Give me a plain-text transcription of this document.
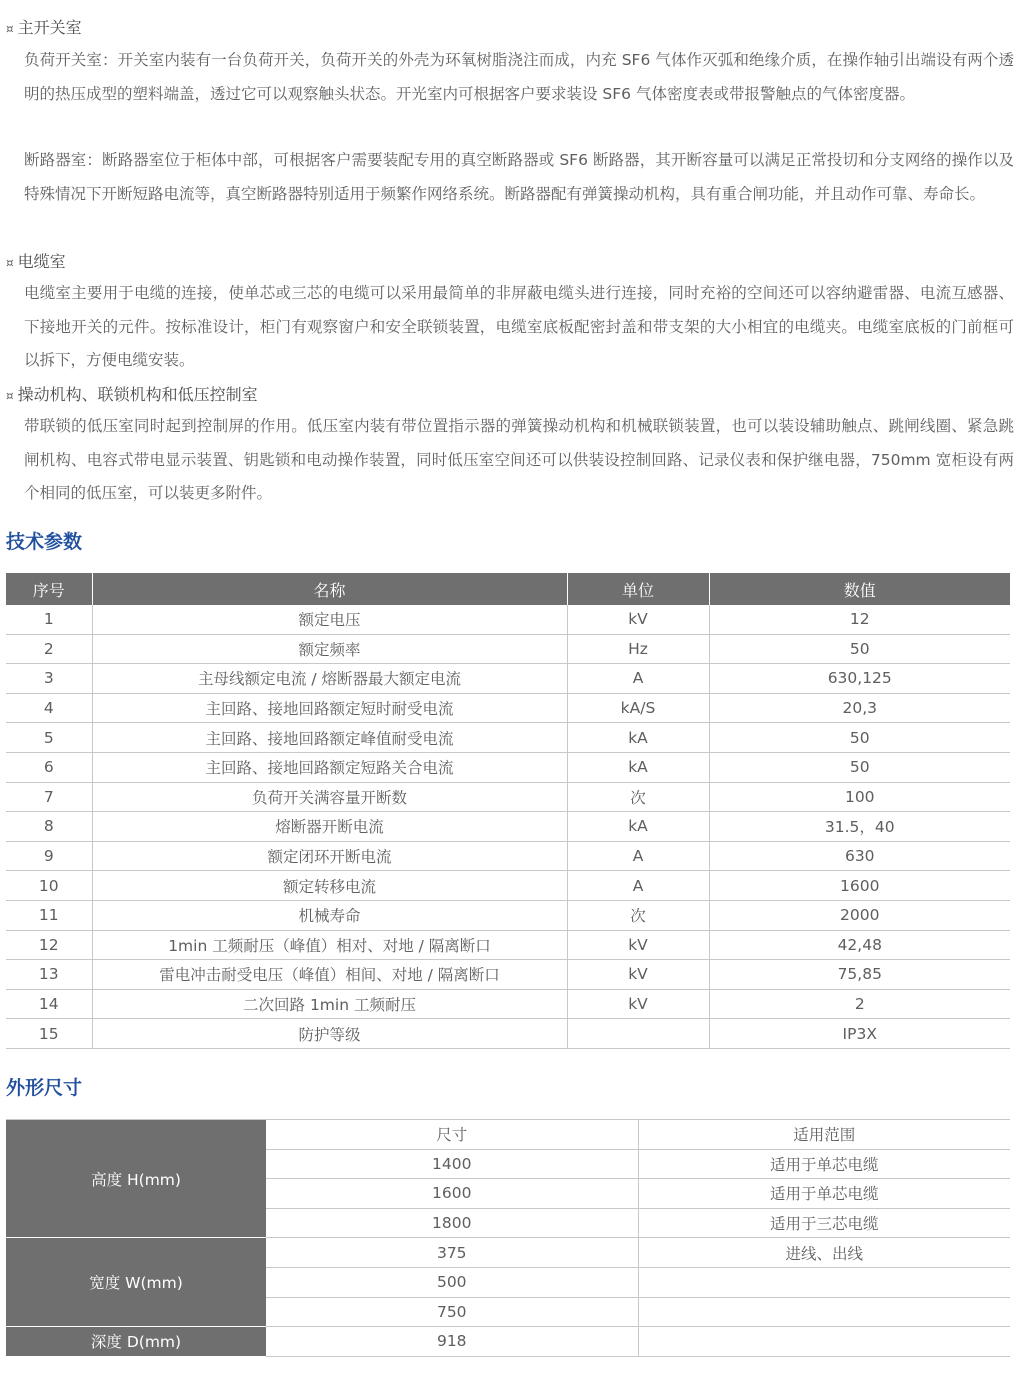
¤ 主开关室
负荷开关室：开关室内装有一台负荷开关，负荷开关的外壳为环氧树脂浇注而成，内充 SF6 气体作灭弧和绝缘介质，在操作轴引出端设有两个透明的热压成型的塑料端盖，透过它可以观察触头状态。开光室内可根据客户要求装设 SF6 气体密度表或带报警触点的气体密度器。
断路器室：断路器室位于柜体中部，可根据客户需要装配专用的真空断路器或 SF6 断路器，其开断容量可以满足正常投切和分支网络的操作以及特殊情况下开断短路电流等，真空断路器特别适用于频繁作网络系统。断路器配有弹簧操动机构，具有重合闸功能，并且动作可靠、寿命长。
¤ 电缆室
电缆室主要用于电缆的连接，使单芯或三芯的电缆可以采用最简单的非屏蔽电缆头进行连接，同时充裕的空间还可以容纳避雷器、电流互感器、下接地开关的元件。按标准设计，柜门有观察窗户和安全联锁装置，电缆室底板配密封盖和带支架的大小相宜的电缆夹。电缆室底板的门前框可以拆下，方便电缆安装。
¤ 操动机构、联锁机构和低压控制室
带联锁的低压室同时起到控制屏的作用。低压室内装有带位置指示器的弹簧操动机构和机械联锁装置，也可以装设辅助触点、跳闸线圈、紧急跳闸机构、电容式带电显示装置、钥匙锁和电动操作装置，同时低压室空间还可以供装设控制回路、记录仪表和保护继电器，750mm 宽柜设有两个相同的低压室，可以装更多附件。
技术参数
序号	名称	单位	数值
1	额定电压	kV	12
2	额定频率	Hz	50
3	主母线额定电流 / 熔断器最大额定电流	A	630,125
4	主回路、接地回路额定短时耐受电流	kA/S	20,3
5	主回路、接地回路额定峰值耐受电流	kA	50
6	主回路、接地回路额定短路关合电流	kA	50
7	负荷开关满容量开断数	次	100
8	熔断器开断电流	kA	31.5，40
9	额定闭环开断电流	A	630
10	额定转移电流	A	1600
11	机械寿命	次	2000
12	1min 工频耐压（峰值）相对、对地 / 隔离断口	kV	42,48
13	雷电冲击耐受电压（峰值）相间、对地 / 隔离断口	kV	75,85
14	二次回路 1min 工频耐压	kV	2
15	防护等级		IP3X
外形尺寸
高度 H(mm)	尺寸	适用范围
	1400	适用于单芯电缆
	1600	适用于单芯电缆
	1800	适用于三芯电缆
宽度 W(mm)	375	进线、出线
	500	
	750	
深度 D(mm)	918	
